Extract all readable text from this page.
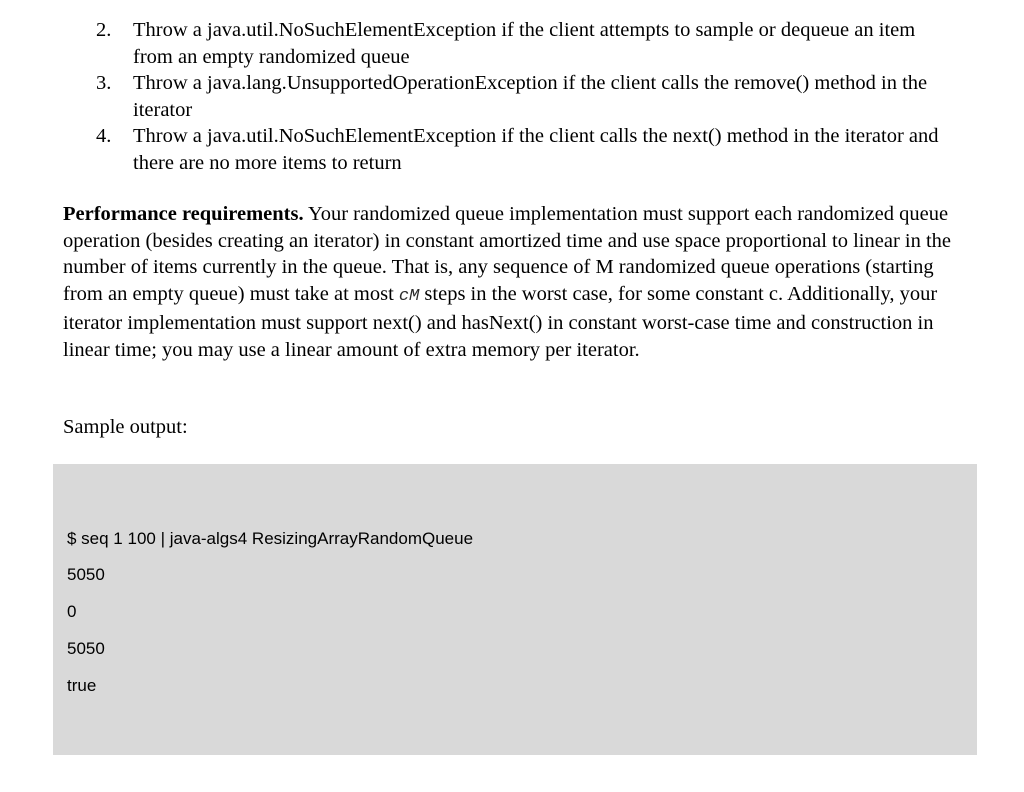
2.	Throw a java.util.NoSuchElementException if the client attempts to sample or dequeue an item from an empty randomized queue
3.	Throw a java.lang.UnsupportedOperationException if the client calls the remove() method in the iterator
4.	Throw a java.util.NoSuchElementException if the client calls the next() method in the iterator and there are no more items to return

Performance requirements. Your randomized queue implementation must support each randomized queue operation (besides creating an iterator) in constant amortized time and use space proportional to linear in the number of items currently in the queue. That is, any sequence of M randomized queue operations (starting from an empty queue) must take at most cM steps in the worst case, for some constant c. Additionally, your iterator implementation must support next() and hasNext() in constant worst-case time and construction in linear time; you may use a linear amount of extra memory per iterator.

Sample output:

$ seq 1 100 | java-algs4 ResizingArrayRandomQueue

5050

0

5050

true
